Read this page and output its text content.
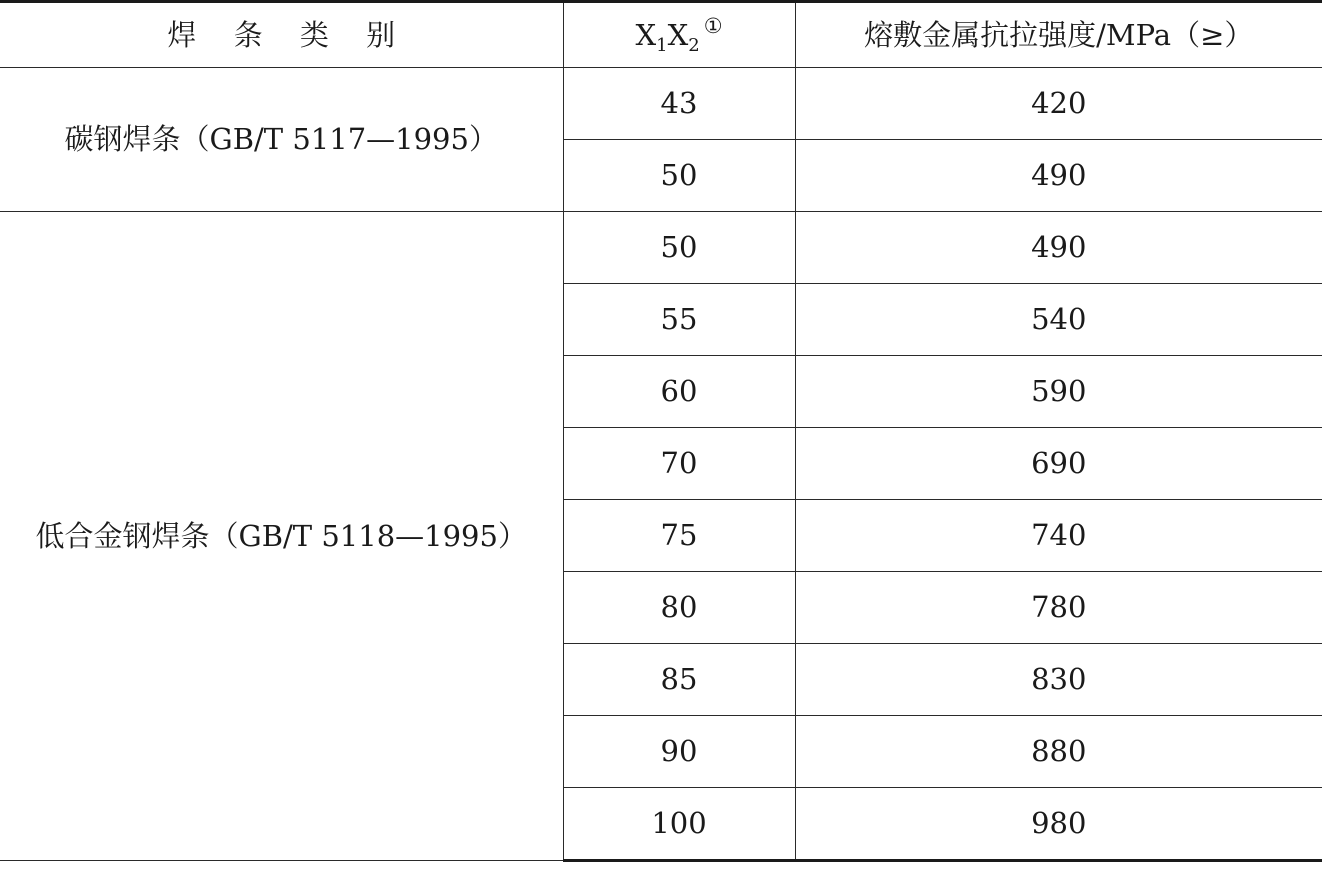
焊 条 类 别	$X_1X_2^①$	熔敷金属抗拉强度/MPa（≥）
碳钢焊条（GB/T 5117—1995）	43	420
	50	490
低合金钢焊条（GB/T 5118—1995）	50	490
	55	540
	60	590
	70	690
	75	740
	80	780
	85	830
	90	880
	100	980
